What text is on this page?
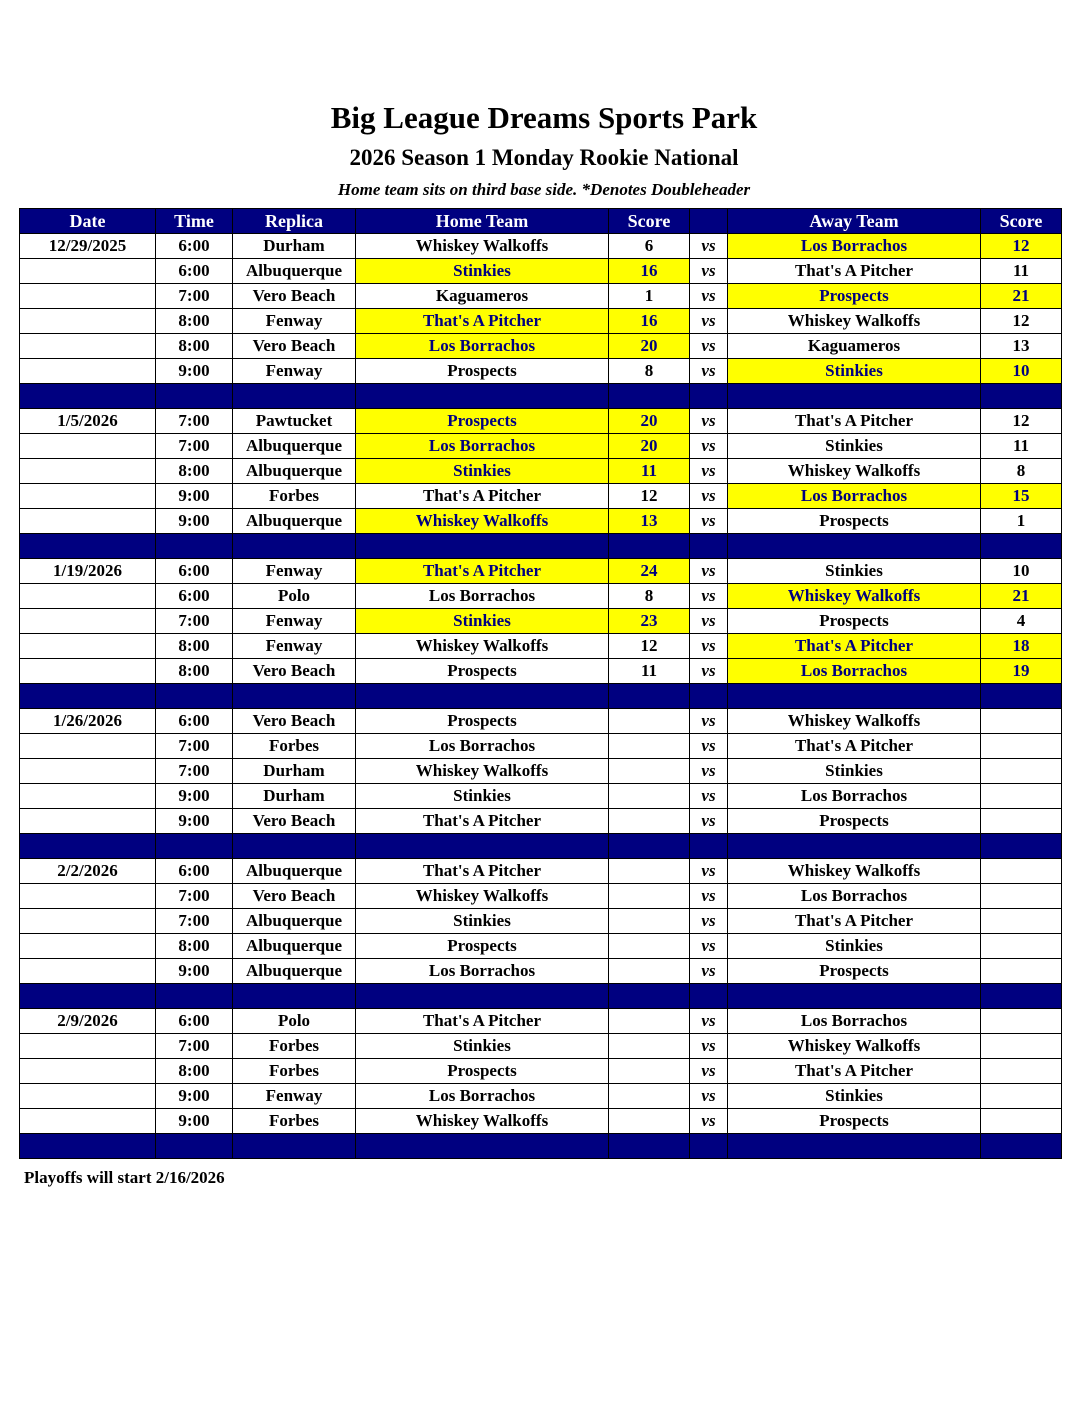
Big League Dreams Sports Park
2026 Season 1 Monday Rookie National
Home team sits on third base side. *Denotes Doubleheader
Date	Time	Replica	Home Team	Score		Away Team	Score
12/29/2025	6:00	Durham	Whiskey Walkoffs	6	vs	Los Borrachos	12
	6:00	Albuquerque	Stinkies	16	vs	That's A Pitcher	11
	7:00	Vero Beach	Kaguameros	1	vs	Prospects	21
	8:00	Fenway	That's A Pitcher	16	vs	Whiskey Walkoffs	12
	8:00	Vero Beach	Los Borrachos	20	vs	Kaguameros	13
	9:00	Fenway	Prospects	8	vs	Stinkies	10

1/5/2026	7:00	Pawtucket	Prospects	20	vs	That's A Pitcher	12
	7:00	Albuquerque	Los Borrachos	20	vs	Stinkies	11
	8:00	Albuquerque	Stinkies	11	vs	Whiskey Walkoffs	8
	9:00	Forbes	That's A Pitcher	12	vs	Los Borrachos	15
	9:00	Albuquerque	Whiskey Walkoffs	13	vs	Prospects	1

1/19/2026	6:00	Fenway	That's A Pitcher	24	vs	Stinkies	10
	6:00	Polo	Los Borrachos	8	vs	Whiskey Walkoffs	21
	7:00	Fenway	Stinkies	23	vs	Prospects	4
	8:00	Fenway	Whiskey Walkoffs	12	vs	That's A Pitcher	18
	8:00	Vero Beach	Prospects	11	vs	Los Borrachos	19

1/26/2026	6:00	Vero Beach	Prospects		vs	Whiskey Walkoffs	
	7:00	Forbes	Los Borrachos		vs	That's A Pitcher	
	7:00	Durham	Whiskey Walkoffs		vs	Stinkies	
	9:00	Durham	Stinkies		vs	Los Borrachos	
	9:00	Vero Beach	That's A Pitcher		vs	Prospects	

2/2/2026	6:00	Albuquerque	That's A Pitcher		vs	Whiskey Walkoffs	
	7:00	Vero Beach	Whiskey Walkoffs		vs	Los Borrachos	
	7:00	Albuquerque	Stinkies		vs	That's A Pitcher	
	8:00	Albuquerque	Prospects		vs	Stinkies	
	9:00	Albuquerque	Los Borrachos		vs	Prospects	

2/9/2026	6:00	Polo	That's A Pitcher		vs	Los Borrachos	
	7:00	Forbes	Stinkies		vs	Whiskey Walkoffs	
	8:00	Forbes	Prospects		vs	That's A Pitcher	
	9:00	Fenway	Los Borrachos		vs	Stinkies	
	9:00	Forbes	Whiskey Walkoffs		vs	Prospects	

Playoffs will start 2/16/2026
